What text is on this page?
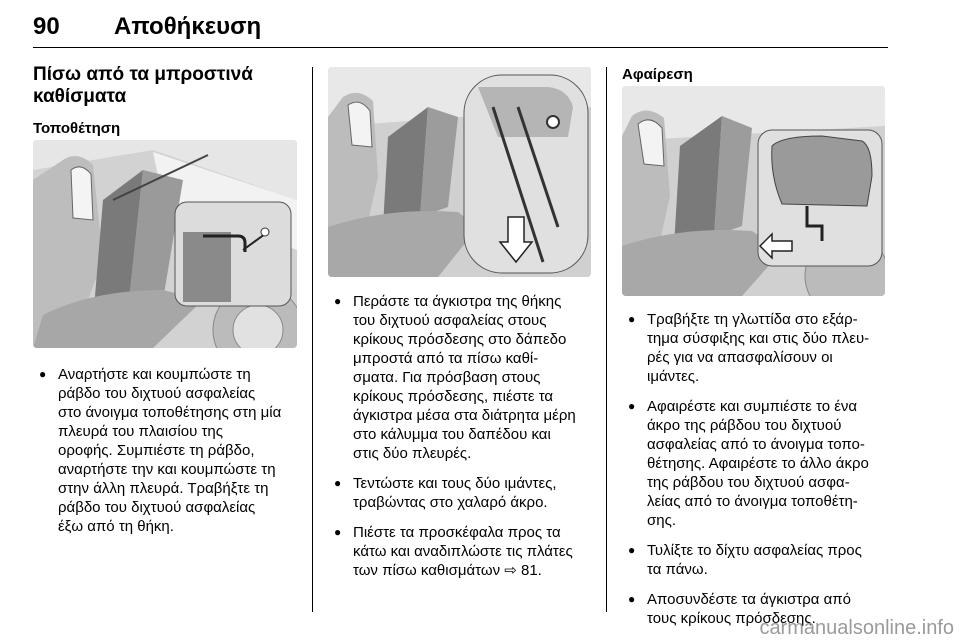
90 Αποθήκευση
Πίσω από τα μπροστινά
καθίσματα
Τοποθέτηση
● Αναρτήστε και κουμπώστε τη
ράβδο του διχτυού ασφαλείας
στο άνοιγμα τοποθέτησης στη μία
πλευρά του πλαισίου της
οροφής. Συμπιέστε τη ράβδο,
αναρτήστε την και κουμπώστε τη
στην άλλη πλευρά. Τραβήξτε τη
ράβδο του διχτυού ασφαλείας
έξω από τη θήκη.
● Περάστε τα άγκιστρα της θήκης
του διχτυού ασφαλείας στους
κρίκους πρόσδεσης στο δάπεδο
μπροστά από τα πίσω καθί-
σματα. Για πρόσβαση στους
κρίκους πρόσδεσης, πιέστε τα
άγκιστρα μέσα στα διάτρητα μέρη
στο κάλυμμα του δαπέδου και
στις δύο πλευρές.
● Τεντώστε και τους δύο ιμάντες,
τραβώντας στο χαλαρό άκρο.
● Πιέστε τα προσκέφαλα προς τα
κάτω και αναδιπλώστε τις πλάτες
των πίσω καθισμάτων ⇨ 81.
Αφαίρεση
● Τραβήξτε τη γλωττίδα στο εξάρ-
τημα σύσφιξης και στις δύο πλευ-
ρές για να απασφαλίσουν οι
ιμάντες.
● Αφαιρέστε και συμπιέστε το ένα
άκρο της ράβδου του διχτυού
ασφαλείας από το άνοιγμα τοπο-
θέτησης. Αφαιρέστε το άλλο άκρο
της ράβδου του διχτυού ασφα-
λείας από το άνοιγμα τοποθέτη-
σης.
● Τυλίξτε το δίχτυ ασφαλείας προς
τα πάνω.
● Αποσυνδέστε τα άγκιστρα από
τους κρίκους πρόσδεσης.
carmanualsonline.info
